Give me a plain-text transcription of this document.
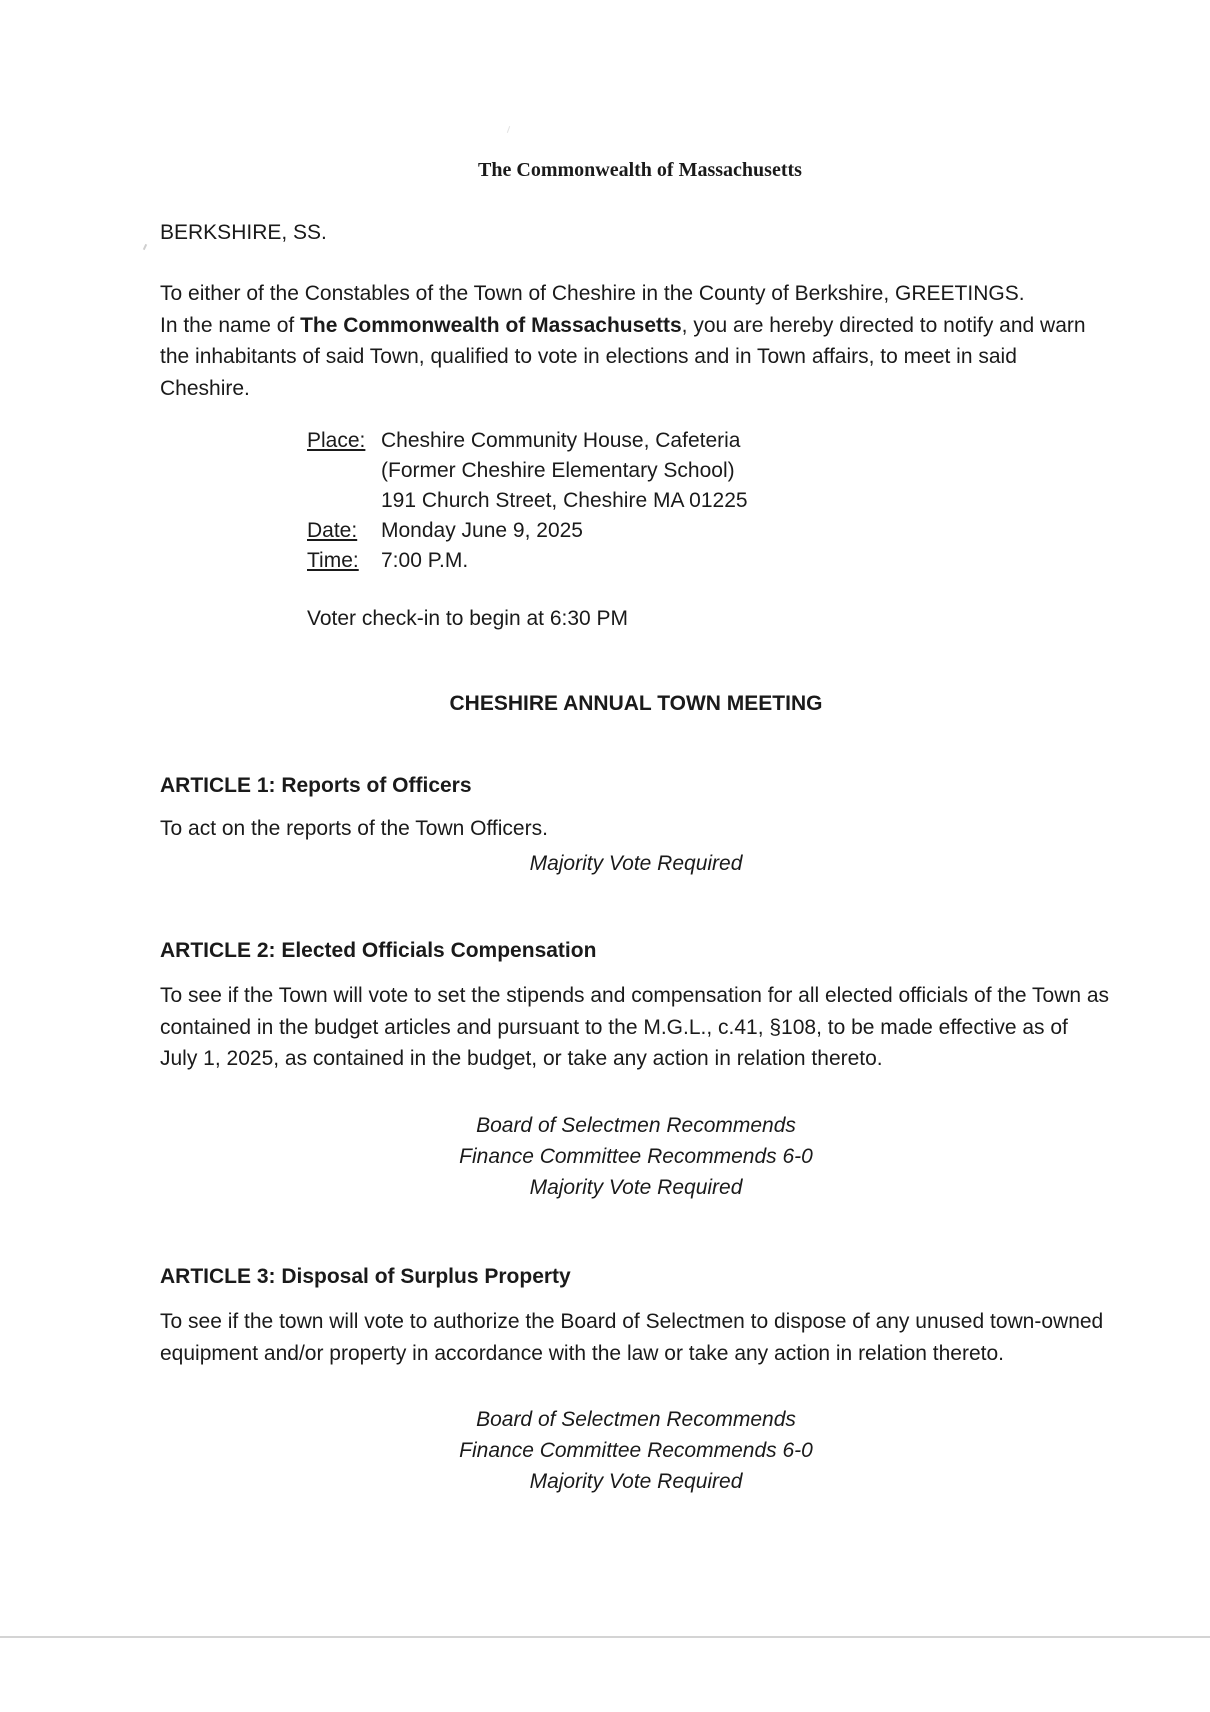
The Commonwealth of Massachusetts
BERKSHIRE, SS.
To either of the Constables of the Town of Cheshire in the County of Berkshire, GREETINGS.
In the name of The Commonwealth of Massachusetts, you are hereby directed to notify and warn the inhabitants of said Town, qualified to vote in elections and in Town affairs, to meet in said Cheshire.
Place: Cheshire Community House, Cafeteria
(Former Cheshire Elementary School)
191 Church Street, Cheshire MA 01225
Date:	Monday June 9, 2025
Time:	7:00 P.M.
Voter check-in to begin at 6:30 PM
CHESHIRE ANNUAL TOWN MEETING
ARTICLE 1: Reports of Officers
To act on the reports of the Town Officers.
Majority Vote Required
ARTICLE 2: Elected Officials Compensation
To see if the Town will vote to set the stipends and compensation for all elected officials of the Town as contained in the budget articles and pursuant to the M.G.L., c.41, §108, to be made effective as of July 1, 2025, as contained in the budget, or take any action in relation thereto.
Board of Selectmen Recommends
Finance Committee Recommends 6-0
Majority Vote Required
ARTICLE 3: Disposal of Surplus Property
To see if the town will vote to authorize the Board of Selectmen to dispose of any unused town-owned equipment and/or property in accordance with the law or take any action in relation thereto.
Board of Selectmen Recommends
Finance Committee Recommends 6-0
Majority Vote Required
